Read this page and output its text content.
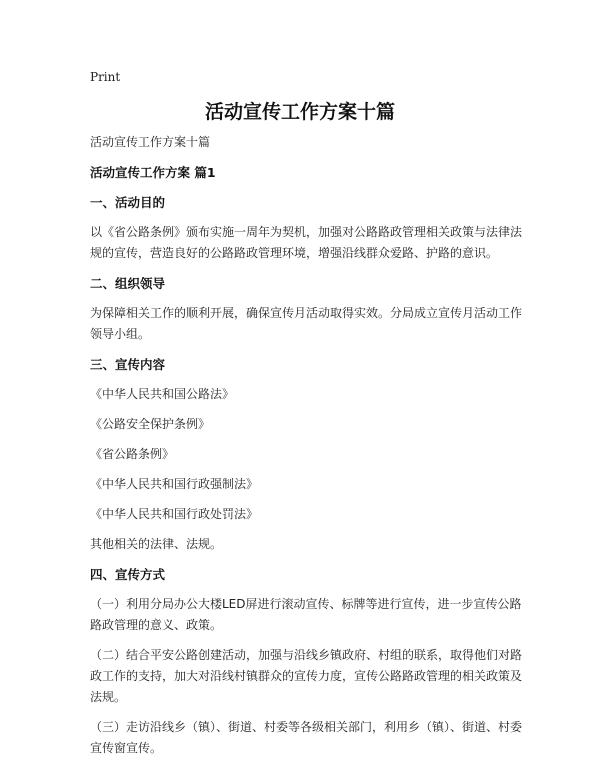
Print
活动宣传工作方案十篇
活动宣传工作方案十篇
活动宣传工作方案 篇1
一、活动目的
以《省公路条例》颁布实施一周年为契机，加强对公路路政管理相关政策与法律法规的宣传，营造良好的公路路政管理环境，增强沿线群众爱路、护路的意识。
二、组织领导
为保障相关工作的顺利开展，确保宣传月活动取得实效。分局成立宣传月活动工作领导小组。
三、宣传内容
《中华人民共和国公路法》
《公路安全保护条例》
《省公路条例》
《中华人民共和国行政强制法》
《中华人民共和国行政处罚法》
其他相关的法律、法规。
四、宣传方式
（一）利用分局办公大楼LED屏进行滚动宣传、标牌等进行宣传，进一步宣传公路路政管理的意义、政策。
（二）结合平安公路创建活动，加强与沿线乡镇政府、村组的联系，取得他们对路政工作的支持，加大对沿线村镇群众的宣传力度，宣传公路路政管理的相关政策及法规。
（三）走访沿线乡（镇）、街道、村委等各级相关部门，利用乡（镇）、街道、村委宣传窗宣传。
